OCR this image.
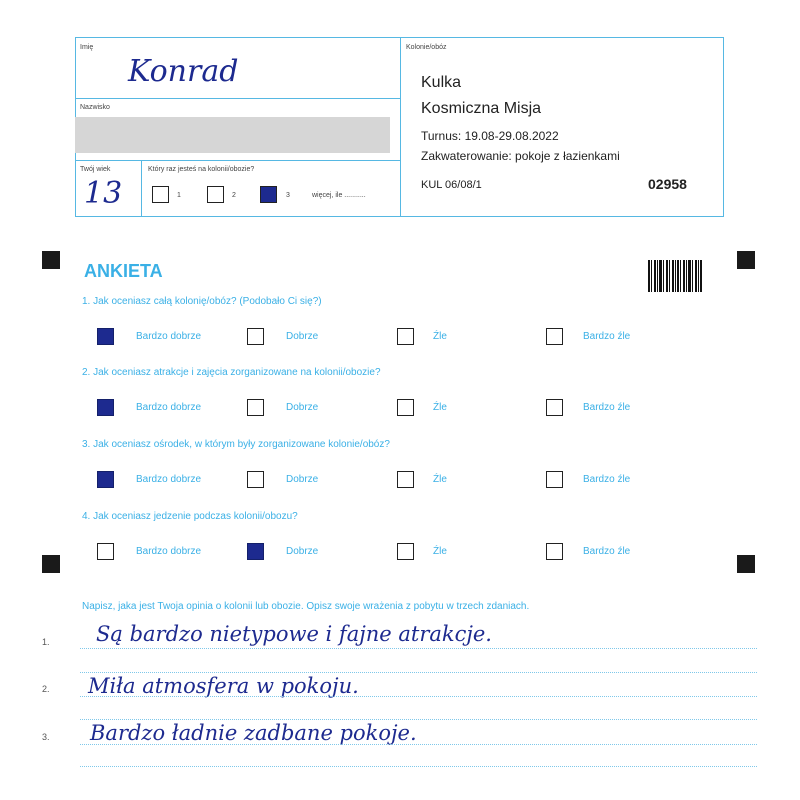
Imię
Konrad
Nazwisko
Twój wiek
13
Który raz jesteś na kolonii/obozie?
1	2	3	więcej, ile ...........
Kolonie/obóz
Kulka
Kosmiczna Misja
Turnus: 19.08-29.08.2022
Zakwaterowanie: pokoje z łazienkami
KUL 06/08/1	02958
ANKIETA
1. Jak oceniasz całą kolonię/obóz? (Podobało Ci się?)
Bardzo dobrze	Dobrze	Źle	Bardzo źle
2. Jak oceniasz atrakcje i zajęcia zorganizowane na kolonii/obozie?
Bardzo dobrze	Dobrze	Źle	Bardzo źle
3. Jak oceniasz ośrodek, w którym były zorganizowane kolonie/obóz?
Bardzo dobrze	Dobrze	Źle	Bardzo źle
4. Jak oceniasz jedzenie podczas kolonii/obozu?
Bardzo dobrze	Dobrze	Źle	Bardzo źle
Napisz, jaka jest Twoja opinia o kolonii lub obozie. Opisz swoje wrażenia z pobytu w trzech zdaniach.
1.
2.
3.
Są bardzo nietypowe i fajne atrakcje.
Miła atmosfera w pokoju.
Bardzo ładnie zadbane pokoje.
